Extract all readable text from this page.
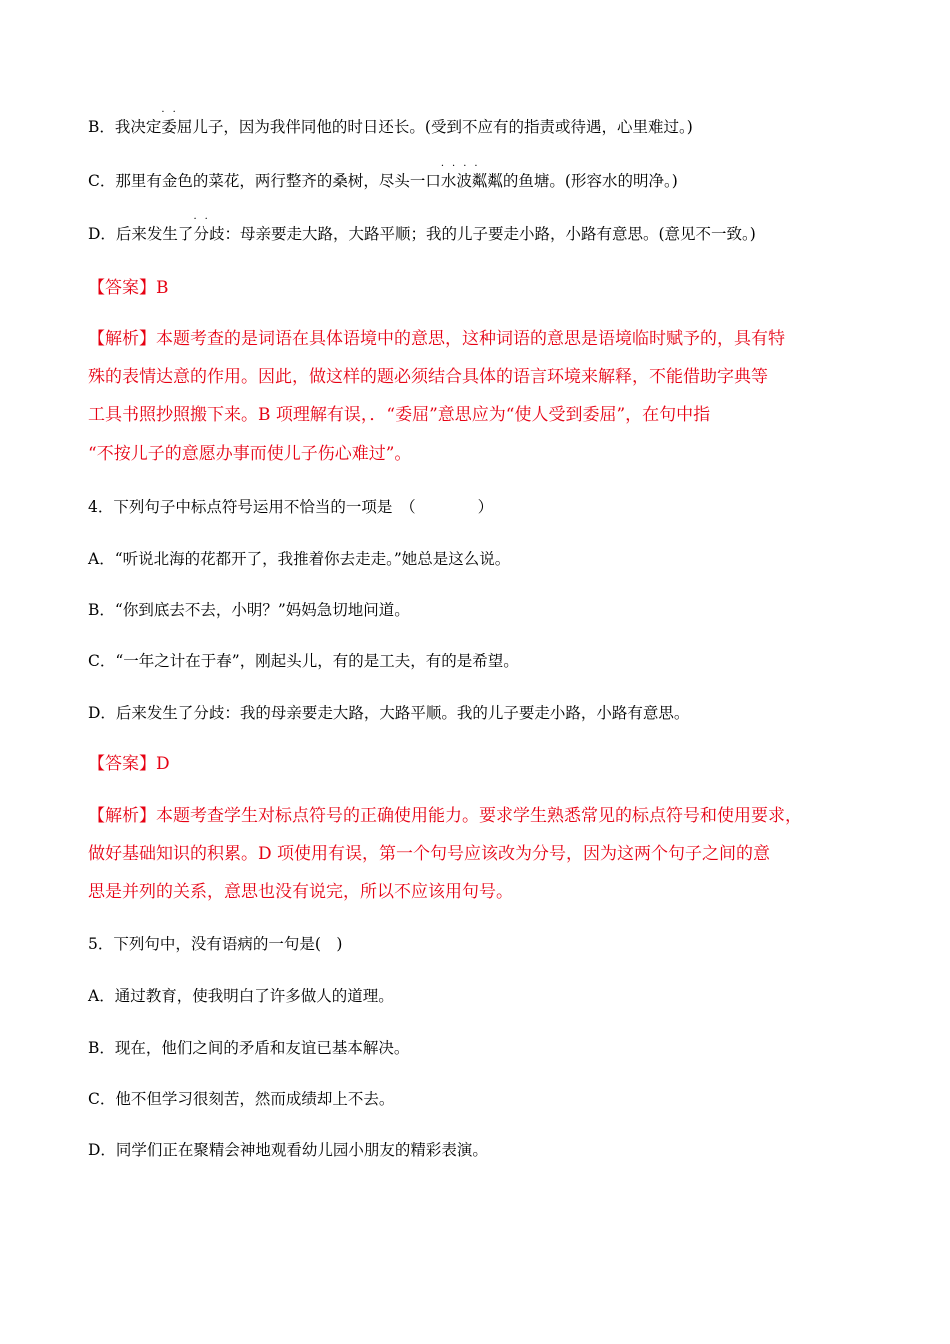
B．我决定·· 委屈儿子，因为我伴同他的时日还长。(受到不应有的指责或待遇，心里难过。)
C．那里有金色的菜花，两行整齐的桑树，尽头一口···· 水波粼粼的鱼塘。(形容水的明净。)
D．后来发生了·· 分歧：母亲要走大路，大路平顺；我的儿子要走小路，小路有意思。(意见不一致。)
【答案】B
【解析】本题考查的是词语在具体语境中的意思，这种词语的意思是语境临时赋予的，具有特
殊的表情达意的作用。因此，做这样的题必须结合具体的语言环境来解释，不能借助字典等
工具书照抄照搬下来。B 项理解有误，．“委屈”意思应为“使人受到委屈”，在句中指
“不按儿子的意愿办事而使儿子伤心难过”。
4．下列句子中标点符号运用不恰当的一项是　（　　　　）
A．“听说北海的花都开了，我推着你去走走。”她总是这么说。
B．“你到底去不去，小明？”妈妈急切地问道。
C．“一年之计在于春”，刚起头儿，有的是工夫，有的是希望。
D．后来发生了分歧：我的母亲要走大路，大路平顺。我的儿子要走小路，小路有意思。
【答案】D
【解析】本题考查学生对标点符号的正确使用能力。要求学生熟悉常见的标点符号和使用要求，
做好基础知识的积累。D 项使用有误，第一个句号应该改为分号，因为这两个句子之间的意
思是并列的关系，意思也没有说完，所以不应该用句号。
5．下列句中，没有语病的一句是(　)
A．通过教育，使我明白了许多做人的道理。
B．现在，他们之间的矛盾和友谊已基本解决。
C．他不但学习很刻苦，然而成绩却上不去。
D．同学们正在聚精会神地观看幼儿园小朋友的精彩表演。
